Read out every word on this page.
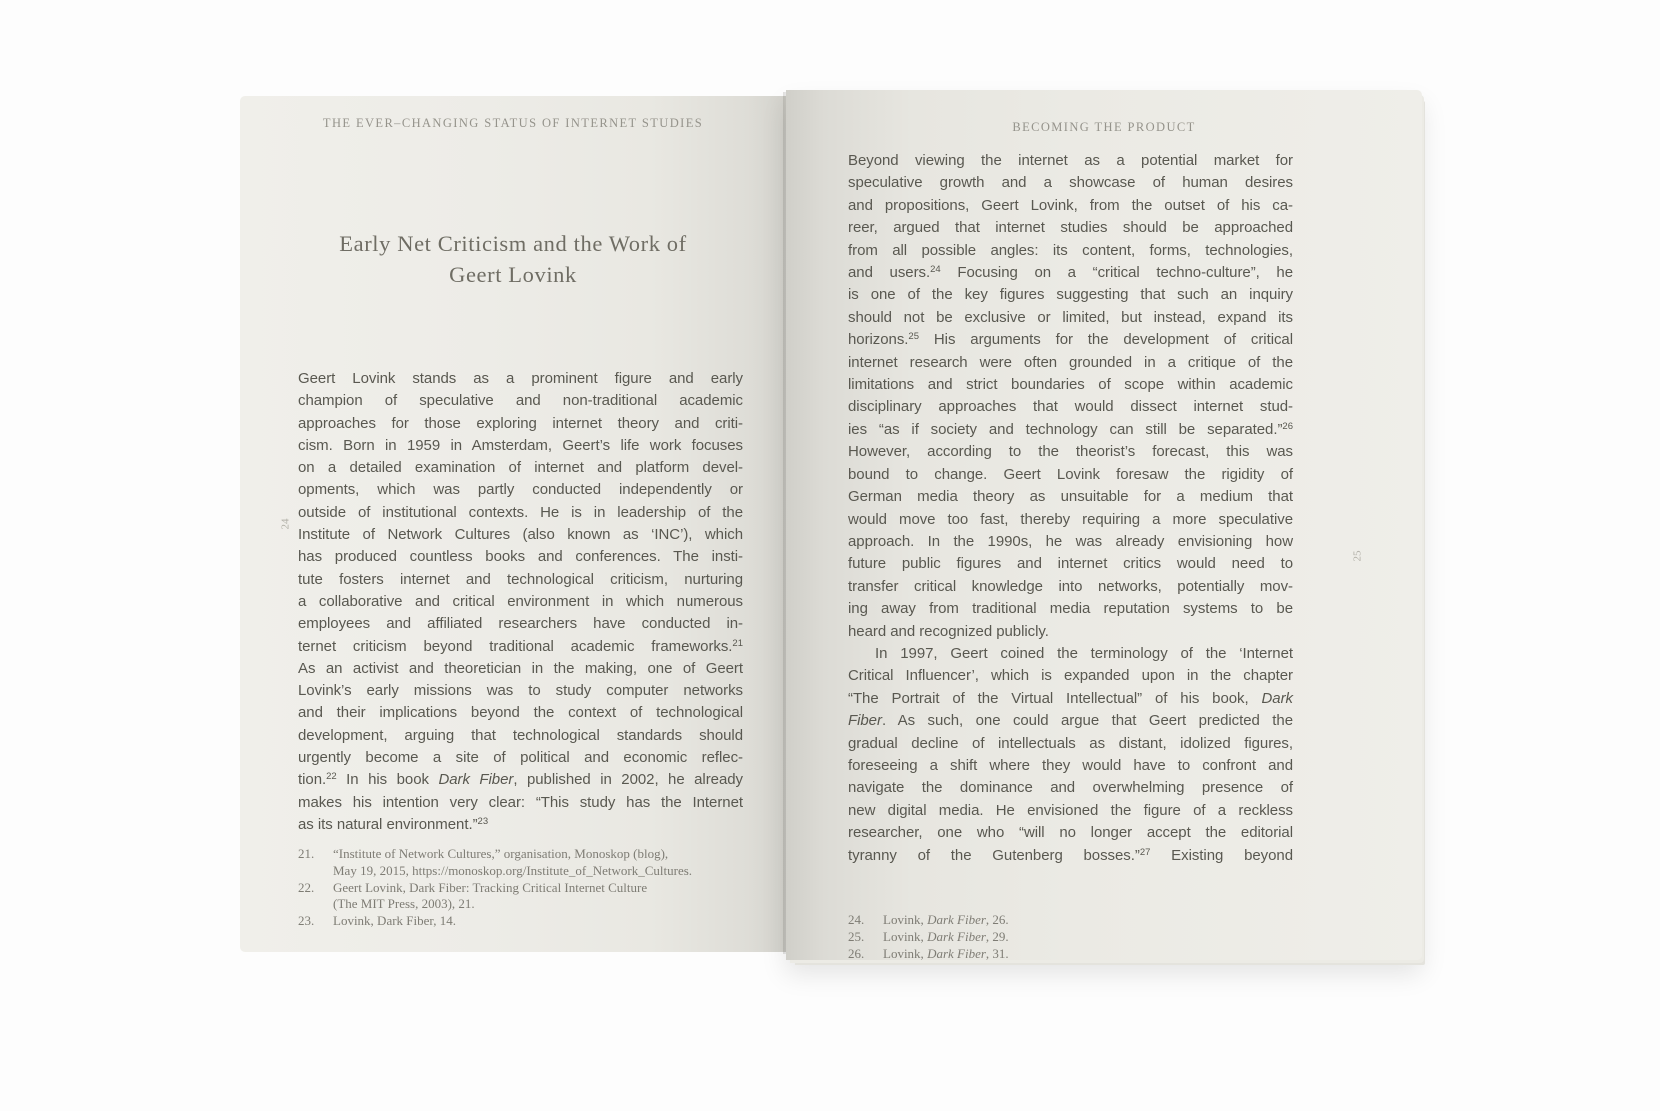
THE EVER–CHANGING STATUS OF INTERNET STUDIES
Early Net Criticism and the Work of
Geert Lovink
Geert Lovink stands as a prominent figure and early
champion of speculative and non-traditional academic
approaches for those exploring internet theory and criti-
cism. Born in 1959 in Amsterdam, Geert’s life work focuses
on a detailed examination of internet and platform devel-
opments, which was partly conducted independently or
outside of institutional contexts. He is in leadership of the
Institute of Network Cultures (also known as ‘INC’), which
has produced countless books and conferences. The insti-
tute fosters internet and technological criticism, nurturing
a collaborative and critical environment in which numerous
employees and affiliated researchers have conducted in-
ternet criticism beyond traditional academic frameworks.$^{21}$
As an activist and theoretician in the making, one of Geert
Lovink’s early missions was to study computer networks
and their implications beyond the context of technological
development, arguing that technological standards should
urgently become a site of political and economic reflec-
tion.$^{22}$ In his book Dark Fiber, published in 2002, he already
makes his intention very clear: “This study has the Internet
as its natural environment.”$^{23}$
21.	“Institute of Network Cultures,” organisation, Monoskop (blog),
May 19, 2015, https://monoskop.org/Institute_of_Network_Cultures.
22.	Geert Lovink, Dark Fiber: Tracking Critical Internet Culture
(The MIT Press, 2003), 21.
23.	Lovink, Dark Fiber, 14.
24
BECOMING THE PRODUCT
Beyond viewing the internet as a potential market for
speculative growth and a showcase of human desires
and propositions, Geert Lovink, from the outset of his ca-
reer, argued that internet studies should be approached
from all possible angles: its content, forms, technologies,
and users.$^{24}$ Focusing on a “critical techno-culture”, he
is one of the key figures suggesting that such an inquiry
should not be exclusive or limited, but instead, expand its
horizons.$^{25}$ His arguments for the development of critical
internet research were often grounded in a critique of the
limitations and strict boundaries of scope within academic
disciplinary approaches that would dissect internet stud-
ies “as if society and technology can still be separated.”$^{26}$
However, according to the theorist’s forecast, this was
bound to change. Geert Lovink foresaw the rigidity of
German media theory as unsuitable for a medium that
would move too fast, thereby requiring a more speculative
approach. In the 1990s, he was already envisioning how
future public figures and internet critics would need to
transfer critical knowledge into networks, potentially mov-
ing away from traditional media reputation systems to be
heard and recognized publicly.
In 1997, Geert coined the terminology of the ‘Internet
Critical Influencer’, which is expanded upon in the chapter
“The Portrait of the Virtual Intellectual” of his book, Dark
Fiber. As such, one could argue that Geert predicted the
gradual decline of intellectuals as distant, idolized figures,
foreseeing a shift where they would have to confront and
navigate the dominance and overwhelming presence of
new digital media. He envisioned the figure of a reckless
researcher, one who “will no longer accept the editorial
tyranny of the Gutenberg bosses.”$^{27}$ Existing beyond
24.	Lovink, Dark Fiber, 26.
25.	Lovink, Dark Fiber, 29.
26.	Lovink, Dark Fiber, 31.
25
